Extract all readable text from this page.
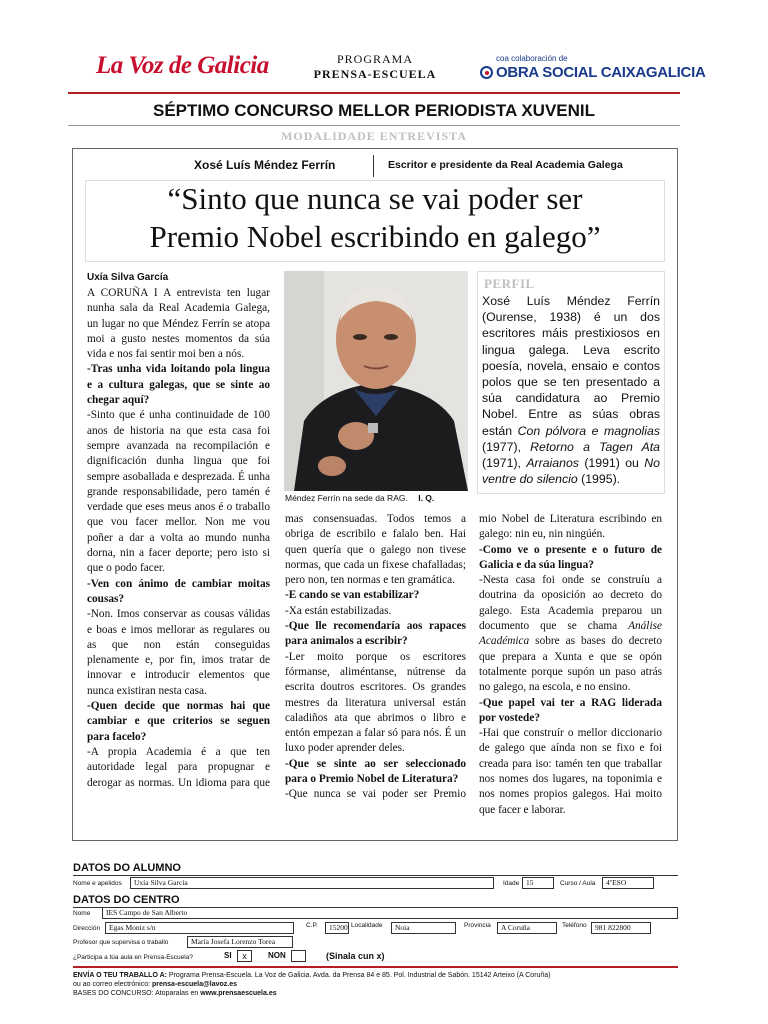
La Voz de Galicia	PROGRAMA
PRENSA-ESCUELA
coa colaboración de
OBRA SOCIAL CAIXAGALICIA
SÉPTIMO CONCURSO MELLOR PERIODISTA XUVENIL
MODALIDADE ENTREVISTA
Xosé Luís Méndez Ferrín	Escritor e presidente da Real Academia Galega
“Sinto que nunca se vai poder ser
Premio Nobel escribindo en galego”
Uxía Silva García

A CORUÑA I A entrevista ten lugar nunha sala da Real Academia Galega, un lugar no que Méndez Ferrín se atopa moi a gusto nestes momentos da súa vida e nos fai sentir moi ben a nós.

-Tras unha vida loitando pola lingua e a cultura galegas, que se sinte ao chegar aquí?

-Sinto que é unha continuidade de 100 anos de historia na que esta casa foi sempre avanzada na recompilación e dignificación dunha lingua que foi sempre asoballada e desprezada. É unha grande responsabilidade, pero tamén é verdade que eses meus anos é o traballo que vou facer mellor. Non me vou poñer a dar a volta ao mundo nunha dorna, nin a facer deporte; pero isto si que o podo facer.

-Ven con ánimo de cambiar moitas cousas?

-Non. Imos conservar as cousas válidas e boas e imos mellorar as regulares ou as que non están conseguidas plenamente e, por fin, imos tratar de innovar e introducir elementos que nunca existiran nesta casa.

-Quen decide que normas hai que cambiar e que criterios se seguen para facelo?

-A propia Academia é a que ten autoridade legal para propugnar e derogar as normas. Un idioma para que

Méndez Ferrín na sede da RAG. I. Q.
PERFIL
Xosé Luís Méndez Ferrín (Ourense, 1938) é un dos escritores máis prestixiosos en lingua galega. Leva escrito poesía, novela, ensaio e contos polos que se ten presentado a súa candidatura ao Premio Nobel. Entre as súas obras están Con pólvora e magnolias (1977), Retorno a Tagen Ata (1971), Arraianos (1991) ou No ventre do silencio (1995).

mas consensuadas. Todos temos a obriga de escribilo e falalo ben. Hai quen quería que o galego non tivese normas, que cada un fixese chafalladas; pero non, ten normas e ten gramática.

-E cando se van estabilizar?

-Xa están estabilizadas.

-Que lle recomendaría aos rapaces para animalos a escribir?

-Ler moito porque os escritores fórmanse, aliméntanse, nútrense da escrita doutros escritores. Os grandes mestres da literatura universal están caladiños ata que abrimos o libro e entón empezan a falar só para nós. É un luxo poder aprender deles.

-Que se sinte ao ser seleccionado para o Premio Nobel de Literatura?

-Que nunca se vai poder ser Premio

mio Nobel de Literatura escribindo en galego: nin eu, nin ningúén.

-Como ve o presente e o futuro de Galicia e da súa lingua?

-Nesta casa foi onde se construíu a doutrina da oposición ao decreto do galego. Esta Academia preparou un documento que se chama Análise Académica sobre as bases do decreto que prepara a Xunta e que se opón totalmente porque supón un paso atrás no galego, na escola, e no ensino.

-Que papel vai ter a RAG liderada por vostede?

-Hai que construír o mellor diccionario de galego que aínda non se fixo e foi creada para iso: tamén ten que traballar nos nomes dos lugares, na toponimia e nos nomes propios galegos. Hai moito que facer e laborar.

DATOS DO ALUMNO
Nome e apelidos	Uxía Silva García	Idade 15	Curso / Aula	4ºESO
DATOS DO CENTRO
Nome	IES Campo de San Alberto
Dirección	Egas Moniz s/n	C.P.	15200 Localidade	Noia	Provincia	A Coruña	Teléfono	981 822800
Profesor que supervisa o traballo	María Josefa Lorenzo Torea
¿Participa a túa aula en Prensa-Escuela?	SI	x	NON	(Sinala cun x)
ENVÍA O TEU TRABALLO A: Programa Prensa-Escuela. La Voz de Galicia. Avda. da Prensa 84 e 85. Pol. Industrial de Sabón. 15142 Arteixo (A Coruña)
ou ao correo electrónico: prensa-escuela@lavoz.es
BASES DO CONCURSO: Atoparalas en www.prensaescuela.es
